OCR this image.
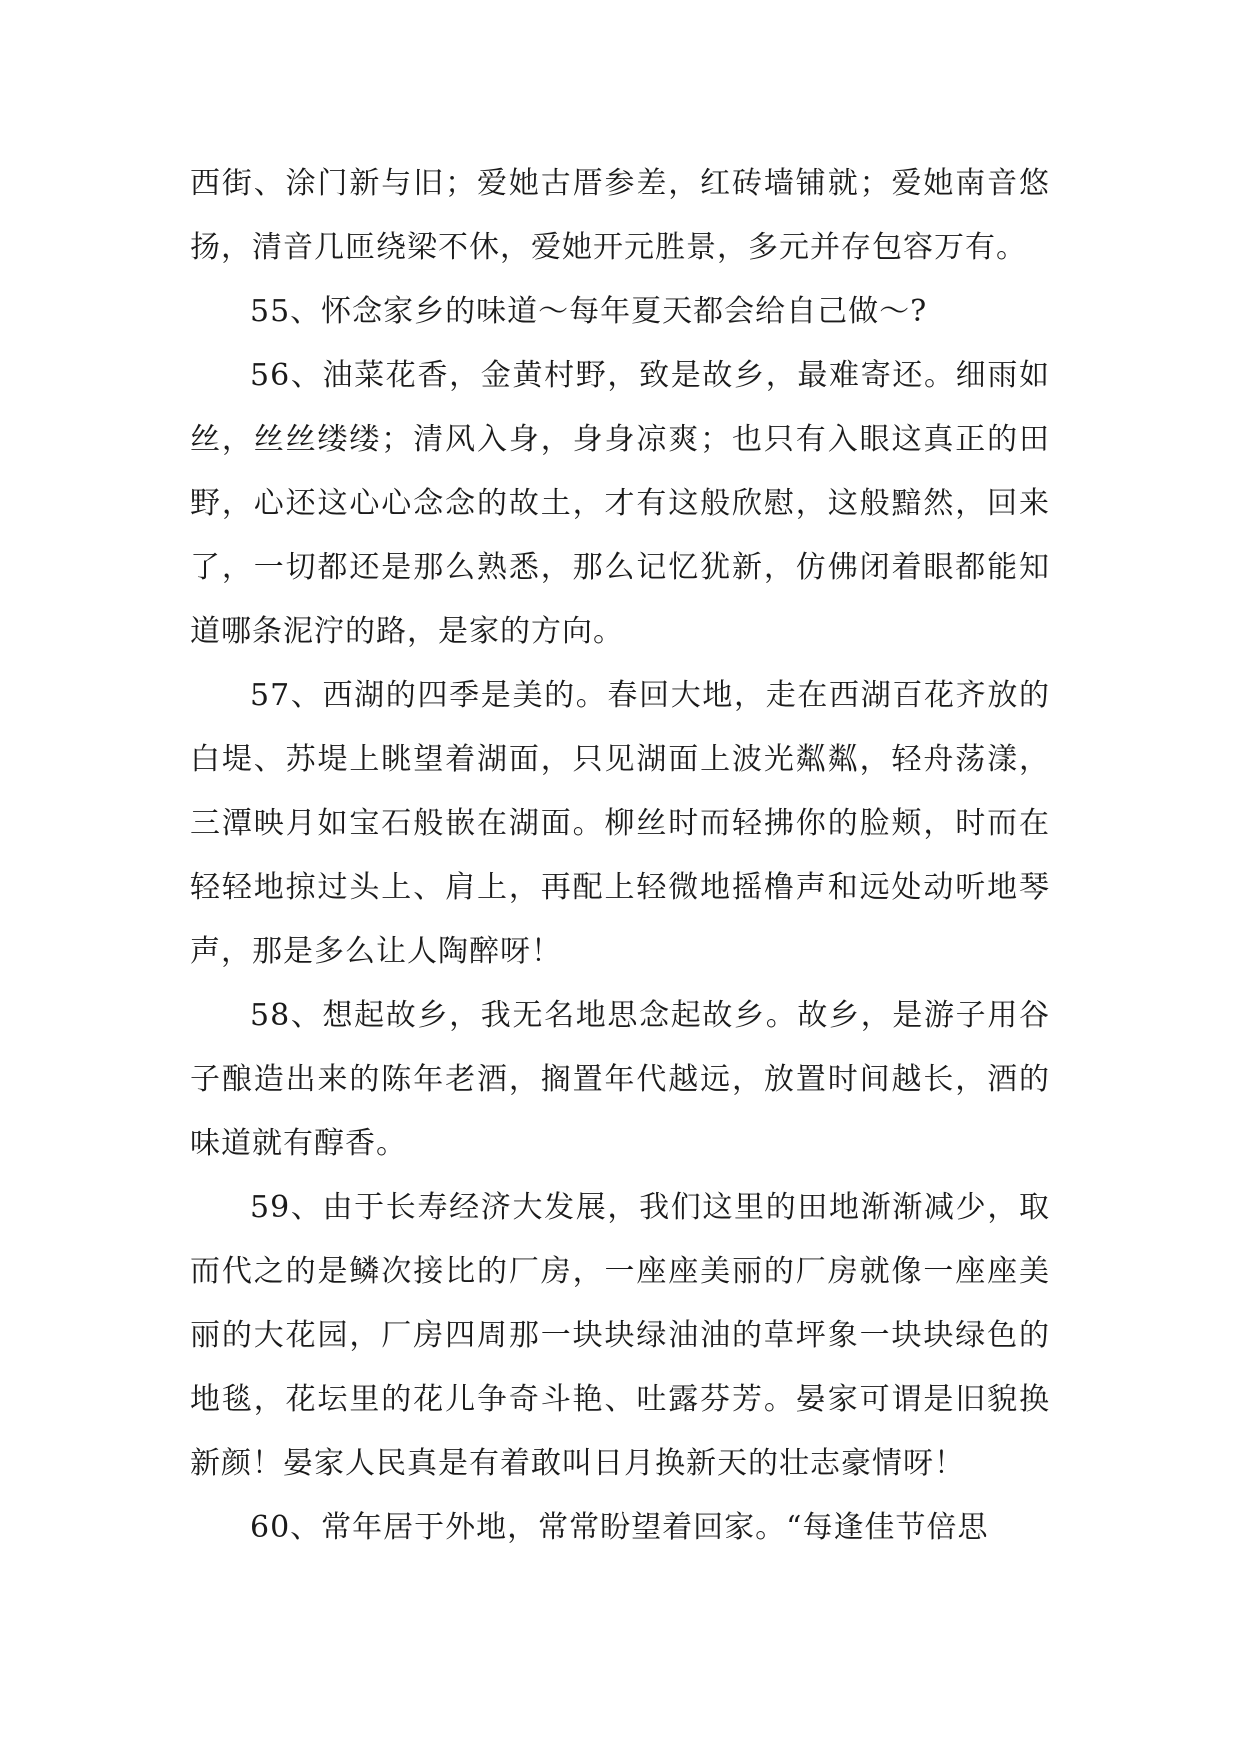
西街、涂门新与旧；爱她古厝参差，红砖墙铺就；爱她南音悠扬，清音几匝绕梁不休，爱她开元胜景，多元并存包容万有。

55、怀念家乡的味道～每年夏天都会给自己做～?

56、油菜花香，金黄村野，致是故乡，最难寄还。细雨如丝，丝丝缕缕；清风入身，身身凉爽；也只有入眼这真正的田野，心还这心心念念的故土，才有这般欣慰，这般黯然，回来了，一切都还是那么熟悉，那么记忆犹新，仿佛闭着眼都能知道哪条泥泞的路，是家的方向。

57、西湖的四季是美的。春回大地，走在西湖百花齐放的白堤、苏堤上眺望着湖面，只见湖面上波光粼粼，轻舟荡漾，三潭映月如宝石般嵌在湖面。柳丝时而轻拂你的脸颊，时而在轻轻地掠过头上、肩上，再配上轻微地摇橹声和远处动听地琴声，那是多么让人陶醉呀！

58、想起故乡，我无名地思念起故乡。故乡，是游子用谷子酿造出来的陈年老酒，搁置年代越远，放置时间越长，酒的味道就有醇香。

59、由于长寿经济大发展，我们这里的田地渐渐减少，取而代之的是鳞次接比的厂房，一座座美丽的厂房就像一座座美丽的大花园，厂房四周那一块块绿油油的草坪象一块块绿色的地毯，花坛里的花儿争奇斗艳、吐露芬芳。晏家可谓是旧貌换新颜！晏家人民真是有着敢叫日月换新天的壮志豪情呀！

60、常年居于外地，常常盼望着回家。“每逢佳节倍思
